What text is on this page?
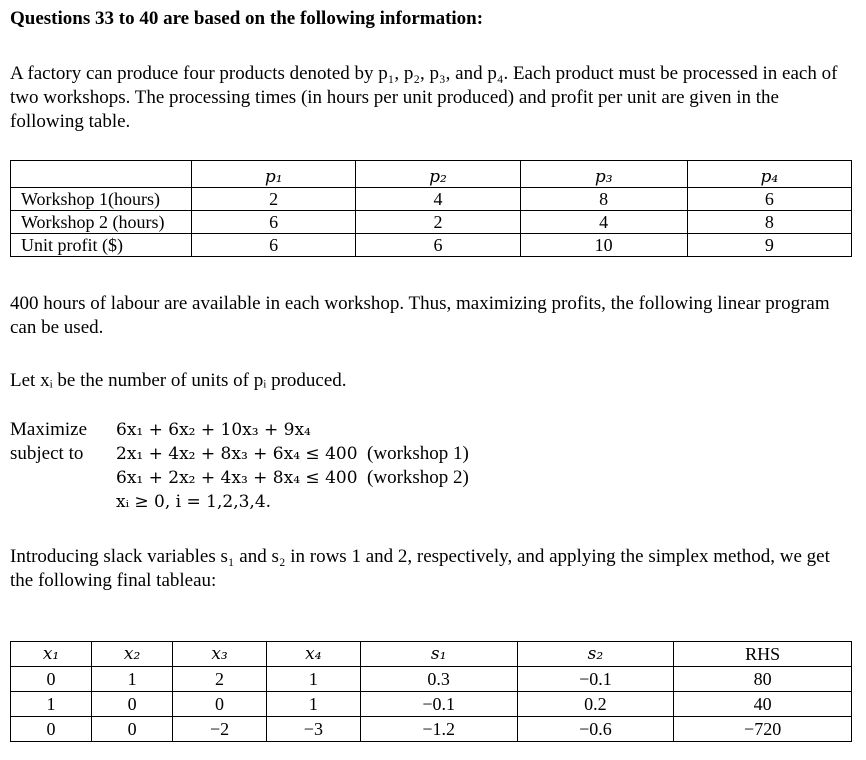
Questions 33 to 40 are based on the following information:
A factory can produce four products denoted by p₁, p₂, p₃, and p₄. Each product must be processed in each of two workshops. The processing times (in hours per unit produced) and profit per unit are given in the following table.
	p₁	p₂	p₃	p₄
Workshop 1(hours)	2	4	8	6
Workshop 2 (hours)	6	2	4	8
Unit profit ($)	6	6	10	9
400 hours of labour are available in each workshop. Thus, maximizing profits, the following linear program can be used.
Let xᵢ be the number of units of pᵢ produced.
Maximize 6x₁ + 6x₂ + 10x₃ + 9x₄
subject to 2x₁ + 4x₂ + 8x₃ + 6x₄ ≤ 400 (workshop 1)
6x₁ + 2x₂ + 4x₃ + 8x₄ ≤ 400 (workshop 2)
xᵢ ≥ 0, i = 1,2,3,4.
Introducing slack variables s₁ and s₂ in rows 1 and 2, respectively, and applying the simplex method, we get the following final tableau:
x₁	x₂	x₃	x₄	s₁	s₂	RHS
0	1	2	1	0.3	−0.1	80
1	0	0	1	−0.1	0.2	40
0	0	−2	−3	−1.2	−0.6	−720
